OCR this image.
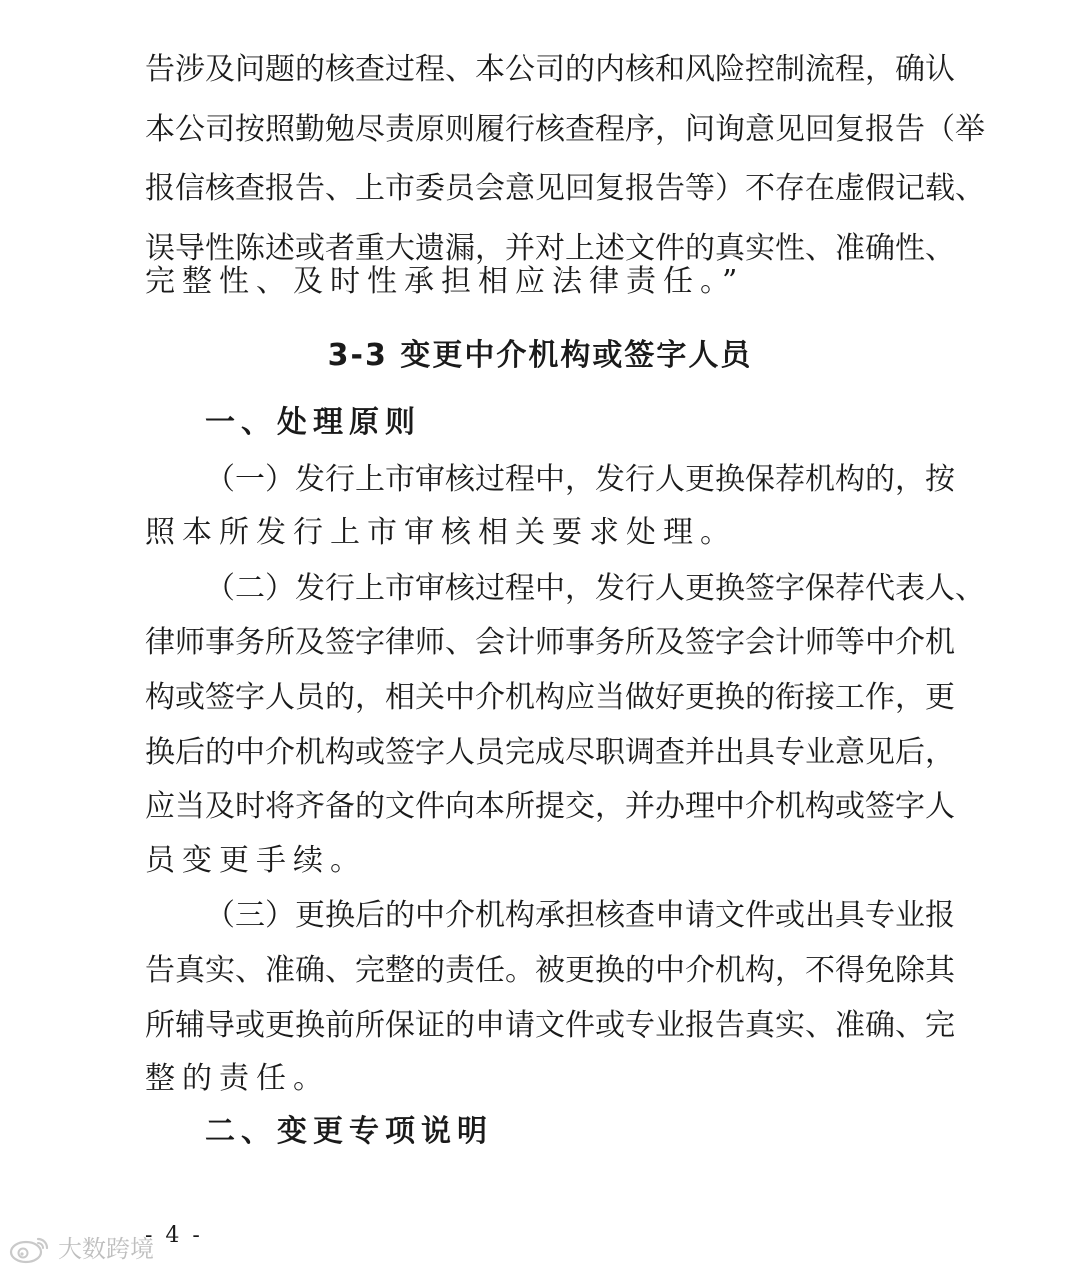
告涉及问题的核查过程、本公司的内核和风险控制流程，确认
本公司按照勤勉尽责原则履行核查程序，问询意见回复报告（举
报信核查报告、上市委员会意见回复报告等）不存在虚假记载、
误导性陈述或者重大遗漏，并对上述文件的真实性、准确性、
完整性、及时性承担相应法律责任。”
3-3 变更中介机构或签字人员
一、处理原则
（一）发行上市审核过程中，发行人更换保荐机构的，按
照本所发行上市审核相关要求处理。
（二）发行上市审核过程中，发行人更换签字保荐代表人、
律师事务所及签字律师、会计师事务所及签字会计师等中介机
构或签字人员的，相关中介机构应当做好更换的衔接工作，更
换后的中介机构或签字人员完成尽职调查并出具专业意见后，
应当及时将齐备的文件向本所提交，并办理中介机构或签字人
员变更手续。
（三）更换后的中介机构承担核查申请文件或出具专业报
告真实、准确、完整的责任。被更换的中介机构，不得免除其
所辅导或更换前所保证的申请文件或专业报告真实、准确、完
整的责任。
二、变更专项说明
- 4 -
大数跨境
